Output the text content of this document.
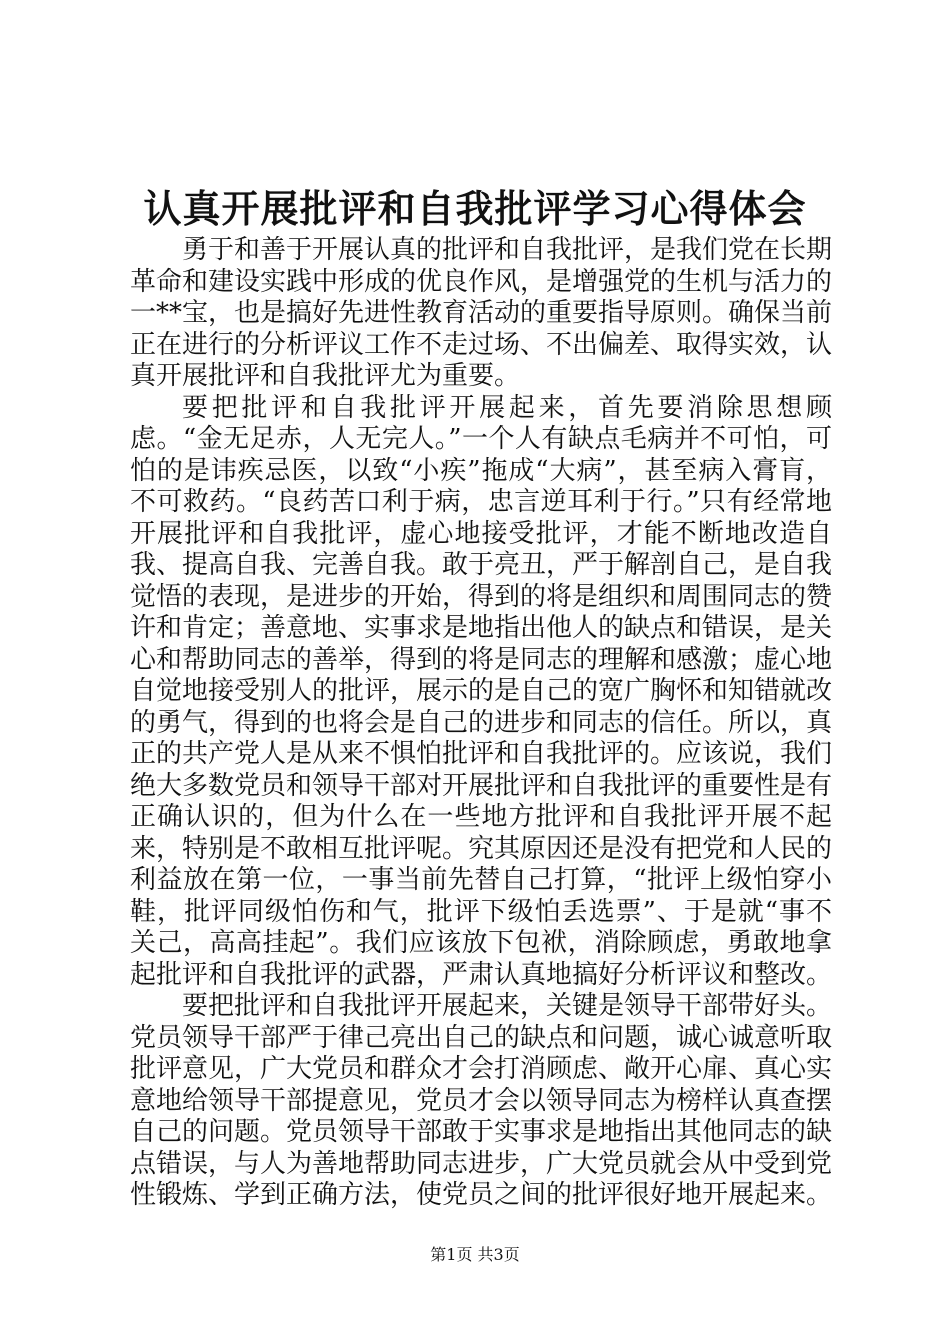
认真开展批评和自我批评学习心得体会

勇于和善于开展认真的批评和自我批评，是我们党在长期革命和建设实践中形成的优良作风，是增强党的生机与活力的一**宝，也是搞好先进性教育活动的重要指导原则。确保当前正在进行的分析评议工作不走过场、不出偏差、取得实效，认真开展批评和自我批评尤为重要。

要把批评和自我批评开展起来，首先要消除思想顾虑。“金无足赤，人无完人。”一个人有缺点毛病并不可怕，可怕的是讳疾忌医，以致“小疾”拖成“大病”，甚至病入膏肓，不可救药。“良药苦口利于病，忠言逆耳利于行。”只有经常地开展批评和自我批评，虚心地接受批评，才能不断地改造自我、提高自我、完善自我。敢于亮丑，严于解剖自己，是自我觉悟的表现，是进步的开始，得到的将是组织和周围同志的赞许和肯定；善意地、实事求是地指出他人的缺点和错误，是关心和帮助同志的善举，得到的将是同志的理解和感激；虚心地自觉地接受别人的批评，展示的是自己的宽广胸怀和知错就改的勇气，得到的也将会是自己的进步和同志的信任。所以，真正的共产党人是从来不惧怕批评和自我批评的。应该说，我们绝大多数党员和领导干部对开展批评和自我批评的重要性是有正确认识的，但为什么在一些地方批评和自我批评开展不起来，特别是不敢相互批评呢。究其原因还是没有把党和人民的利益放在第一位，一事当前先替自己打算，“批评上级怕穿小鞋，批评同级怕伤和气，批评下级怕丢选票”、于是就“事不关己，高高挂起”。我们应该放下包袱，消除顾虑，勇敢地拿起批评和自我批评的武器，严肃认真地搞好分析评议和整改。

要把批评和自我批评开展起来，关键是领导干部带好头。党员领导干部严于律己亮出自己的缺点和问题，诚心诚意听取批评意见，广大党员和群众才会打消顾虑、敞开心扉、真心实意地给领导干部提意见，党员才会以领导同志为榜样认真查摆自己的问题。党员领导干部敢于实事求是地指出其他同志的缺点错误，与人为善地帮助同志进步，广大党员就会从中受到党性锻炼、学到正确方法，使党员之间的批评很好地开展起来。

第1页 共3页
